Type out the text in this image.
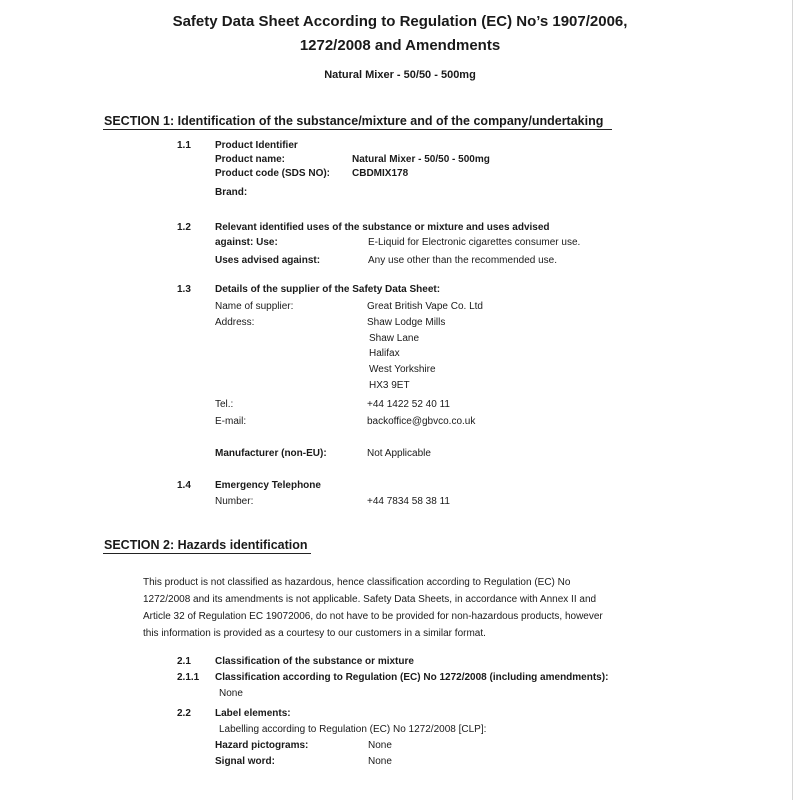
Safety Data Sheet According to Regulation (EC) No’s 1907/2006,
1272/2008 and Amendments
Natural Mixer - 50/50 - 500mg
SECTION 1: Identification of the substance/mixture and of the company/undertaking
1.1 Product Identifier
Product name:	Natural Mixer - 50/50 - 500mg
Product code (SDS NO): CBDMIX178
Brand:
1.2 Relevant identified uses of the substance or mixture and uses advised
against: Use:	E-Liquid for Electronic cigarettes consumer use.
Uses advised against:	Any use other than the recommended use.
1.3 Details of the supplier of the Safety Data Sheet:
Name of supplier:	Great British Vape Co. Ltd
Address:	Shaw Lodge Mills
Shaw Lane
Halifax
West Yorkshire
HX3 9ET
Tel.:	+44 1422 52 40 11
E-mail:	backoffice@gbvco.co.uk
Manufacturer (non-EU):	Not Applicable
1.4 Emergency Telephone
Number:	+44 7834 58 38 11
SECTION 2: Hazards identification
This product is not classified as hazardous, hence classification according to Regulation (EC) No
1272/2008 and its amendments is not applicable. Safety Data Sheets, in accordance with Annex II and
Article 32 of Regulation EC 19072006, do not have to be provided for non-hazardous products, however
this information is provided as a courtesy to our customers in a similar format.
2.1 Classification of the substance or mixture
2.1.1 Classification according to Regulation (EC) No 1272/2008 (including amendments):
None
2.2 Label elements:
Labelling according to Regulation (EC) No 1272/2008 [CLP]:
Hazard pictograms:	None
Signal word:	None
